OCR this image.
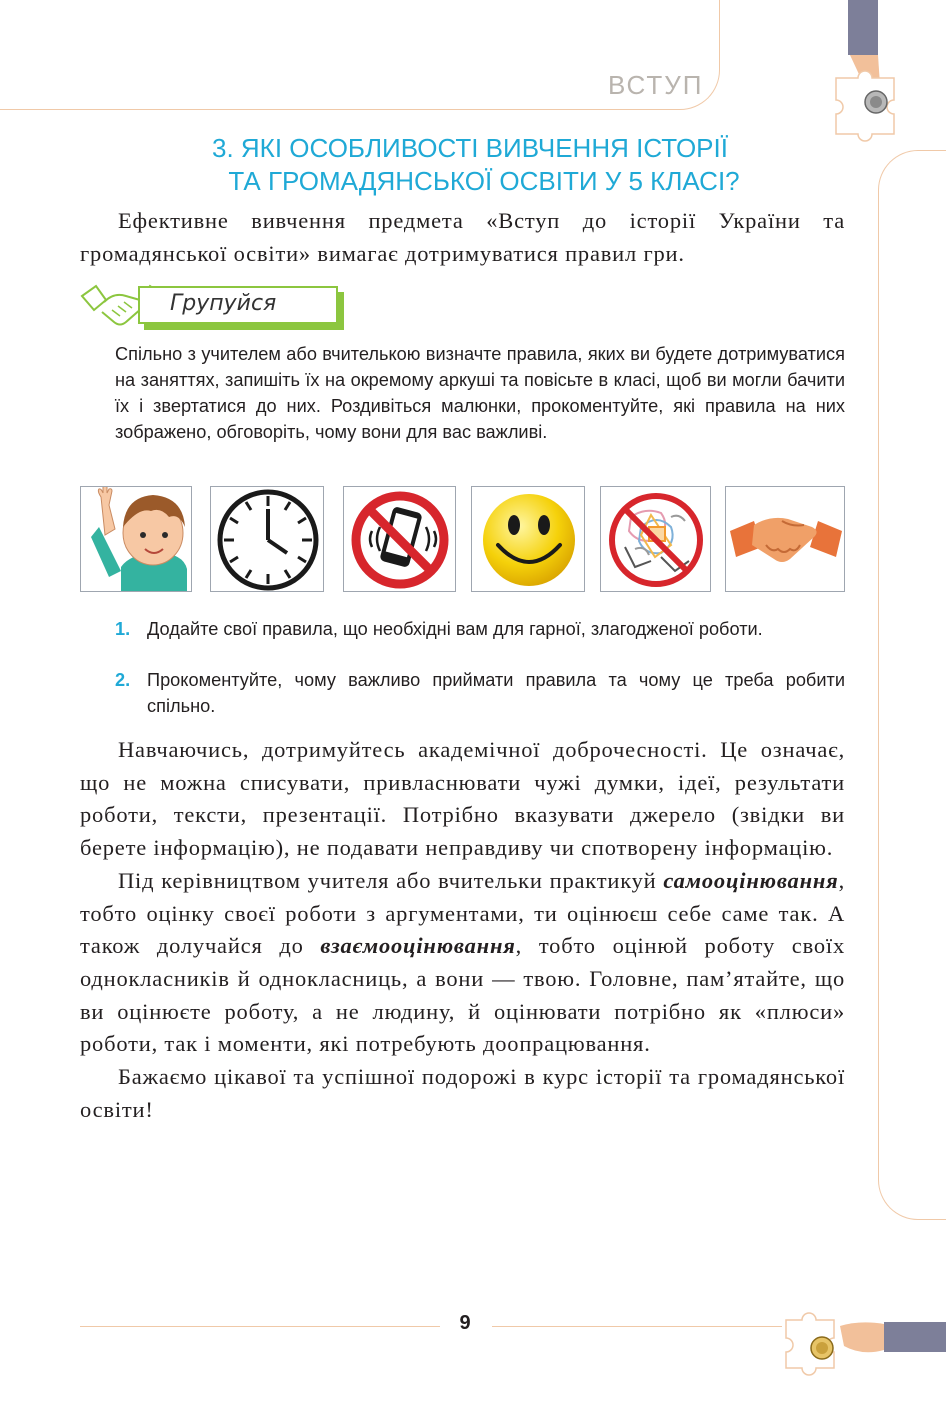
ВСТУП
3. ЯКІ ОСОБЛИВОСТІ ВИВЧЕННЯ ІСТОРІЇ
ТА ГРОМАДЯНСЬКОЇ ОСВІТИ У 5 КЛАСІ?

Ефективне вивчення предмета «Вступ до історії України та громадянської освіти» вимагає дотримуватися правил гри.

Групуйся

Спільно з учителем або вчителькою визначте правила, яких ви будете дотримуватися на заняттях, запишіть їх на окремому аркуші та повісьте в класі, щоб ви могли бачити їх і звертатися до них. Роздивіться малюнки, прокоментуйте, які правила на них зображено, обговоріть, чому вони для вас важливі.

1. Додайте свої правила, що необхідні вам для гарної, злагодженої роботи.
2. Прокоментуйте, чому важливо приймати правила та чому це треба робити спільно.

Навчаючись, дотримуйтесь академічної доброчесності. Це означає, що не можна списувати, привласнювати чужі думки, ідеї, результати роботи, тексти, презентації. Потрібно вказувати джерело (звідки ви берете інформацію), не подавати неправдиву чи спотворену інформацію.

Під керівництвом учителя або вчительки практикуй самооцінювання, тобто оцінку своєї роботи з аргументами, ти оцінюєш себе саме так. А також долучайся до взаємооцінювання, тобто оцінюй роботу своїх однокласників й однокласниць, а вони — твою. Головне, пам’ятайте, що ви оцінюєте роботу, а не людину, й оцінювати потрібно як «плюси» роботи, так і моменти, які потребують доопрацювання.

Бажаємо цікавої та успішної подорожі в курс історії та громадянської освіти!

9
